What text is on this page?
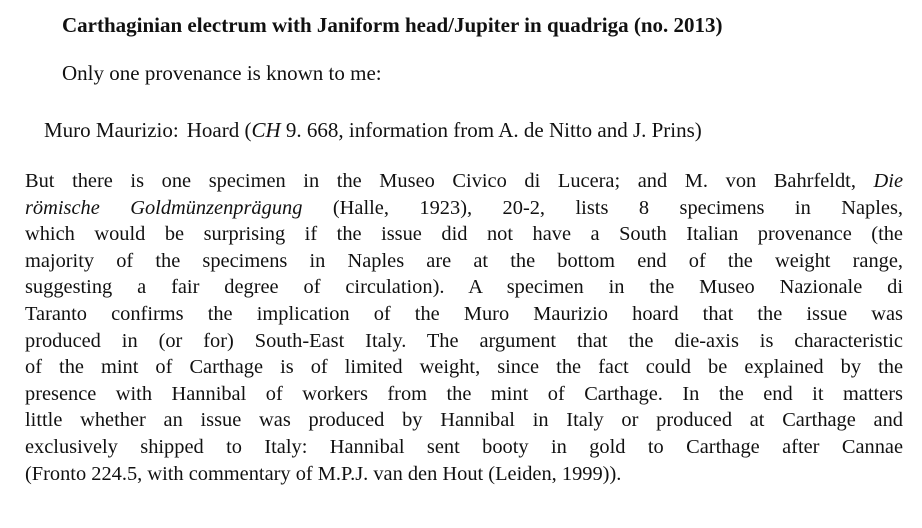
Carthaginian electrum with Janiform head/Jupiter in quadriga (no. 2013)

Only one provenance is known to me:

Muro Maurizio: Hoard (CH 9. 668, information from A. de Nitto and J. Prins)

But there is one specimen in the Museo Civico di Lucera; and M. von Bahrfeldt, Die
römische Goldmünzenprägung (Halle, 1923), 20-2, lists 8 specimens in Naples,
which would be surprising if the issue did not have a South Italian provenance (the
majority of the specimens in Naples are at the bottom end of the weight range,
suggesting a fair degree of circulation). A specimen in the Museo Nazionale di
Taranto confirms the implication of the Muro Maurizio hoard that the issue was
produced in (or for) South-East Italy. The argument that the die-axis is characteristic
of the mint of Carthage is of limited weight, since the fact could be explained by the
presence with Hannibal of workers from the mint of Carthage. In the end it matters
little whether an issue was produced by Hannibal in Italy or produced at Carthage and
exclusively shipped to Italy: Hannibal sent booty in gold to Carthage after Cannae
(Fronto 224.5, with commentary of M.P.J. van den Hout (Leiden, 1999)).
